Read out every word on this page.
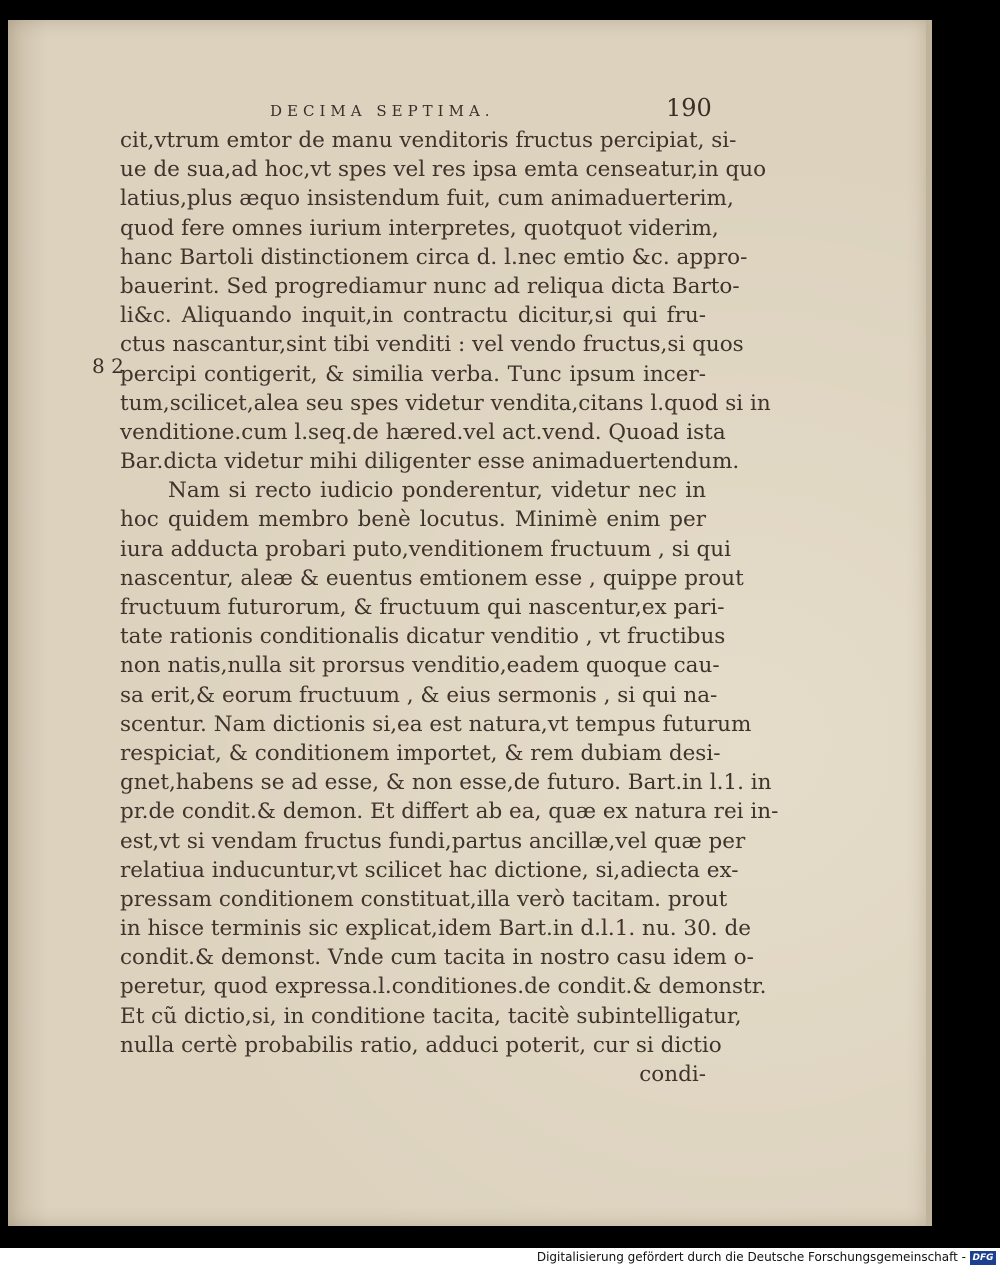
DECIMA SEPTIMA.	190
8 2
cit,vtrum emtor de manu venditoris fructus percipiat, si-
ue de sua,ad hoc,vt spes vel res ipsa emta censeatur,in quo
latius,plus æquo insistendum fuit, cum animaduerterim,
quod fere omnes iurium interpretes, quotquot viderim,
hanc Bartoli distinctionem circa d. l.nec emtio &c. appro-
bauerint. Sed progrediamur nunc ad reliqua dicta Barto-
li&c. Aliquando inquit,in contractu dicitur,si qui fru-
ctus nascantur,sint tibi venditi : vel vendo fructus,si quos
percipi contigerit, & similia verba. Tunc ipsum incer-
tum,scilicet,alea seu spes videtur vendita,citans l.quod si in
venditione.cum l.seq.de hæred.vel act.vend. Quoad ista
Bar.dicta videtur mihi diligenter esse animaduertendum.
Nam si recto iudicio ponderentur, videtur nec in
hoc quidem membro benè locutus. Minimè enim per
iura adducta probari puto,venditionem fructuum , si qui
nascentur, aleæ & euentus emtionem esse , quippe prout
fructuum futurorum, & fructuum qui nascentur,ex pari-
tate rationis conditionalis dicatur venditio , vt fructibus
non natis,nulla sit prorsus venditio,eadem quoque cau-
sa erit,& eorum fructuum , & eius sermonis , si qui na-
scentur. Nam dictionis si,ea est natura,vt tempus futurum
respiciat, & conditionem importet, & rem dubiam desi-
gnet,habens se ad esse, & non esse,de futuro. Bart.in l.1. in
pr.de condit.& demon. Et differt ab ea, quæ ex natura rei in-
est,vt si vendam fructus fundi,partus ancillæ,vel quæ per
relatiua inducuntur,vt scilicet hac dictione, si,adiecta ex-
pressam conditionem constituat,illa verò tacitam. prout
in hisce terminis sic explicat,idem Bart.in d.l.1. nu. 30. de
condit.& demonst. Vnde cum tacita in nostro casu idem o-
peretur, quod expressa.l.conditiones.de condit.& demonstr.
Et cũ dictio,si, in conditione tacita, tacitè subintelligatur,
nulla certè probabilis ratio, adduci poterit, cur si dictio
condi-
Digitalisierung gefördert durch die Deutsche Forschungsgemeinschaft - DFG
